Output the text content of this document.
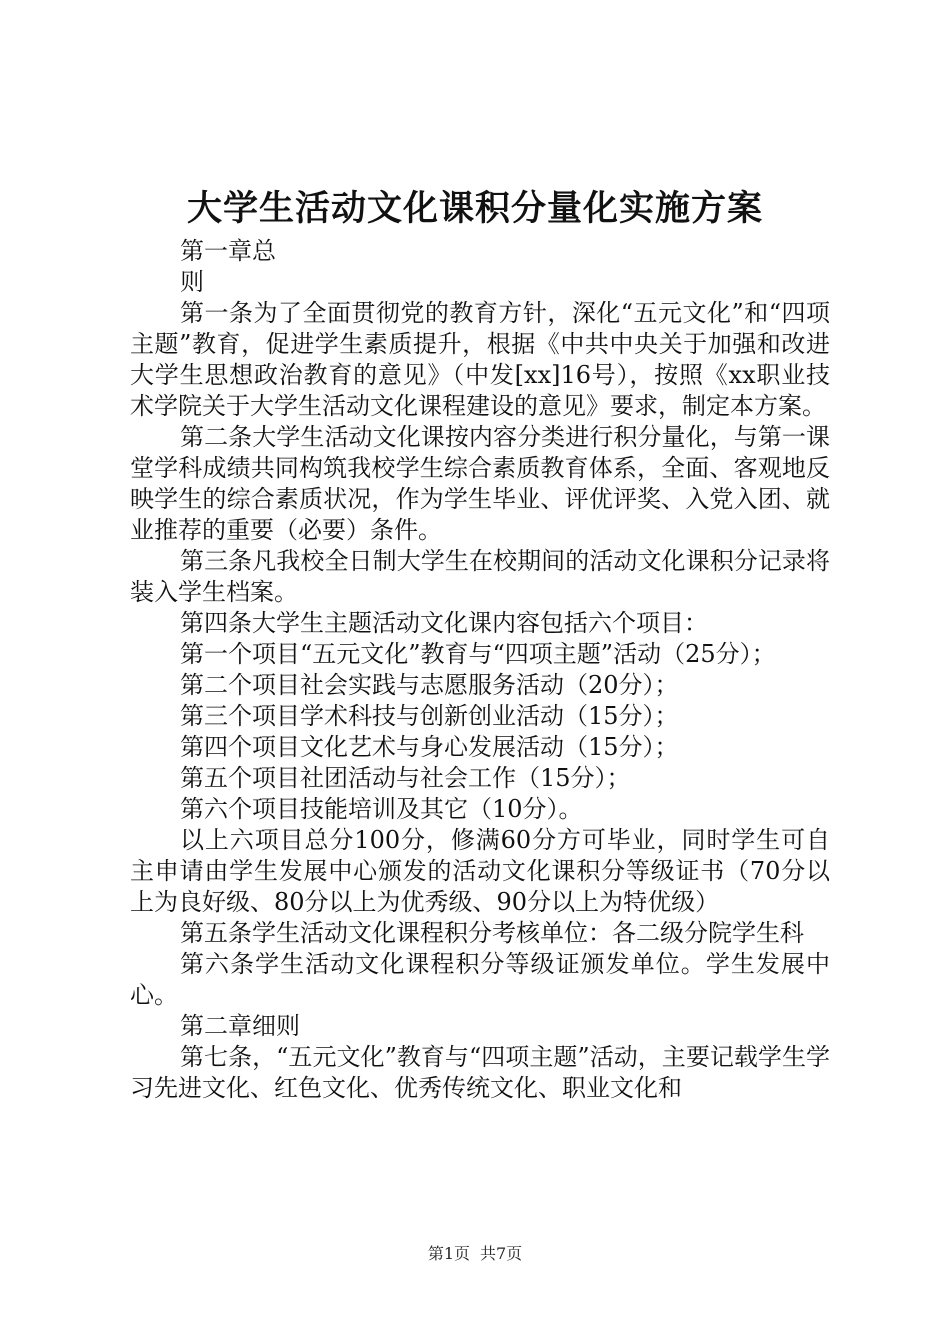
大学生活动文化课积分量化实施方案

第一章总

则

第一条为了全面贯彻党的教育方针，深化“五元文化”和“四项主题”教育，促进学生素质提升，根据《中共中央关于加强和改进大学生思想政治教育的意见》（中发[xx]16号），按照《xx职业技术学院关于大学生活动文化课程建设的意见》要求，制定本方案。

第二条大学生活动文化课按内容分类进行积分量化，与第一课堂学科成绩共同构筑我校学生综合素质教育体系，全面、客观地反映学生的综合素质状况，作为学生毕业、评优评奖、入党入团、就业推荐的重要（必要）条件。

第三条凡我校全日制大学生在校期间的活动文化课积分记录将装入学生档案。

第四条大学生主题活动文化课内容包括六个项目：

第一个项目“五元文化”教育与“四项主题”活动（25分）；

第二个项目社会实践与志愿服务活动（20分）；

第三个项目学术科技与创新创业活动（15分）；

第四个项目文化艺术与身心发展活动（15分）；

第五个项目社团活动与社会工作（15分）；

第六个项目技能培训及其它（10分）。

以上六项目总分100分，修满60分方可毕业，同时学生可自主申请由学生发展中心颁发的活动文化课积分等级证书（70分以上为良好级、80分以上为优秀级、90分以上为特优级）

第五条学生活动文化课程积分考核单位：各二级分院学生科

第六条学生活动文化课程积分等级证颁发单位。学生发展中心。

第二章细则

第七条，“五元文化”教育与“四项主题”活动，主要记载学生学习先进文化、红色文化、优秀传统文化、职业文化和

第1页 共7页
